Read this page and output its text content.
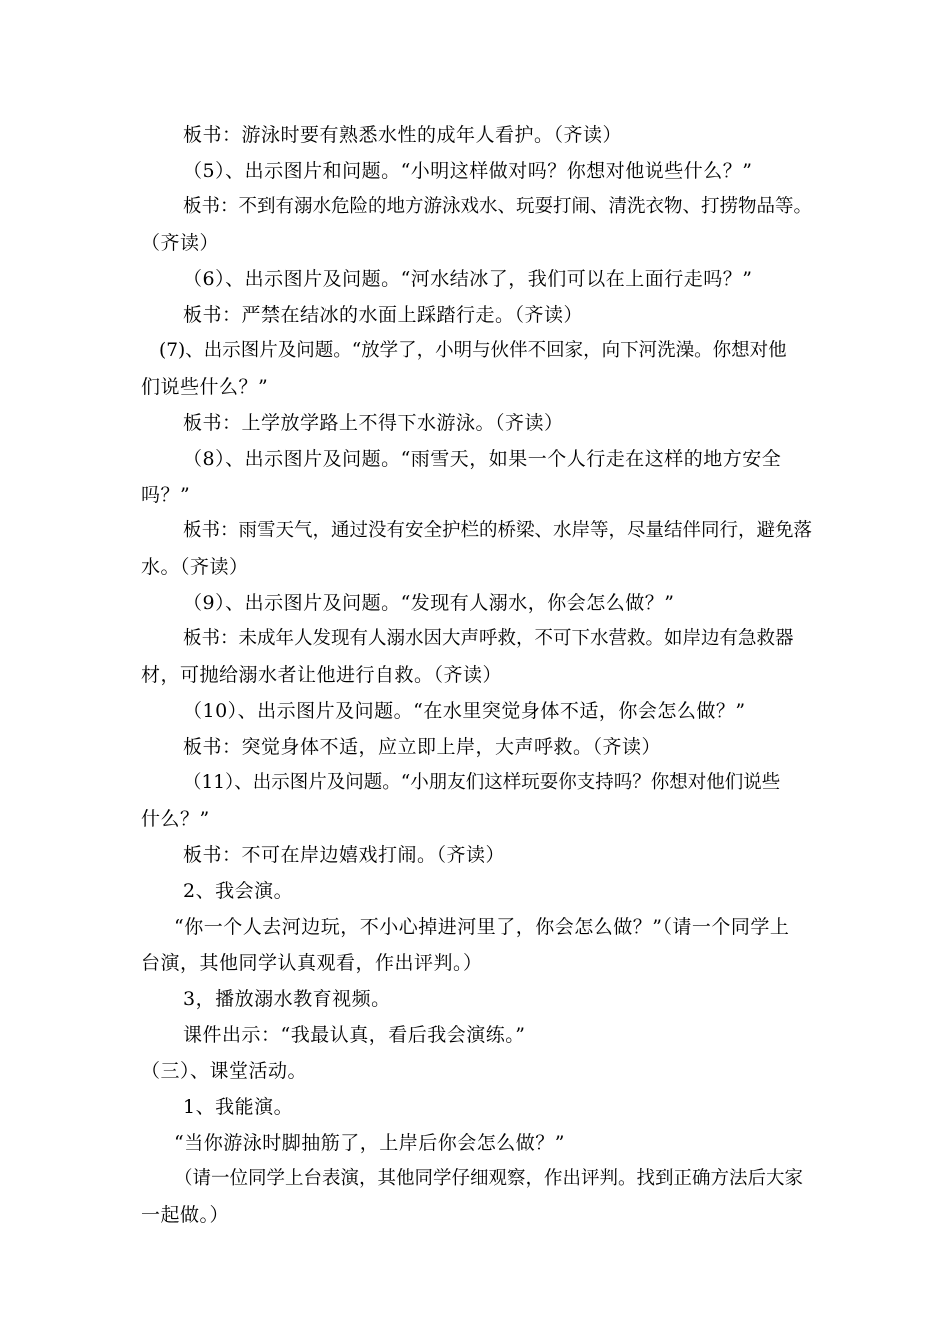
板书：游泳时要有熟悉水性的成年人看护。（齐读）
（5）、出示图片和问题。“小明这样做对吗？你想对他说些什么？”
板书：不到有溺水危险的地方游泳戏水、玩耍打闹、清洗衣物、打捞物品等。
（齐读）
（6）、出示图片及问题。“河水结冰了，我们可以在上面行走吗？”
板书：严禁在结冰的水面上踩踏行走。（齐读）
(7)、出示图片及问题。“放学了，小明与伙伴不回家，向下河洗澡。你想对他
们说些什么？”
板书：上学放学路上不得下水游泳。（齐读）
（8）、出示图片及问题。“雨雪天，如果一个人行走在这样的地方安全
吗？”
板书：雨雪天气，通过没有安全护栏的桥梁、水岸等，尽量结伴同行，避免落
水。（齐读）
（9）、出示图片及问题。“发现有人溺水，你会怎么做？”
板书：未成年人发现有人溺水因大声呼救，不可下水营救。如岸边有急救器
材，可抛给溺水者让他进行自救。（齐读）
（10）、出示图片及问题。“在水里突觉身体不适，你会怎么做？”
板书：突觉身体不适，应立即上岸，大声呼救。（齐读）
（11）、出示图片及问题。“小朋友们这样玩耍你支持吗？你想对他们说些
什么？”
板书：不可在岸边嬉戏打闹。（齐读）
2、我会演。
“你一个人去河边玩，不小心掉进河里了，你会怎么做？”（请一个同学上
台演，其他同学认真观看，作出评判。）
3，播放溺水教育视频。
课件出示：“我最认真，看后我会演练。”
（三）、课堂活动。
1、我能演。
“当你游泳时脚抽筋了，上岸后你会怎么做？”
（请一位同学上台表演，其他同学仔细观察，作出评判。找到正确方法后大家
一起做。）
